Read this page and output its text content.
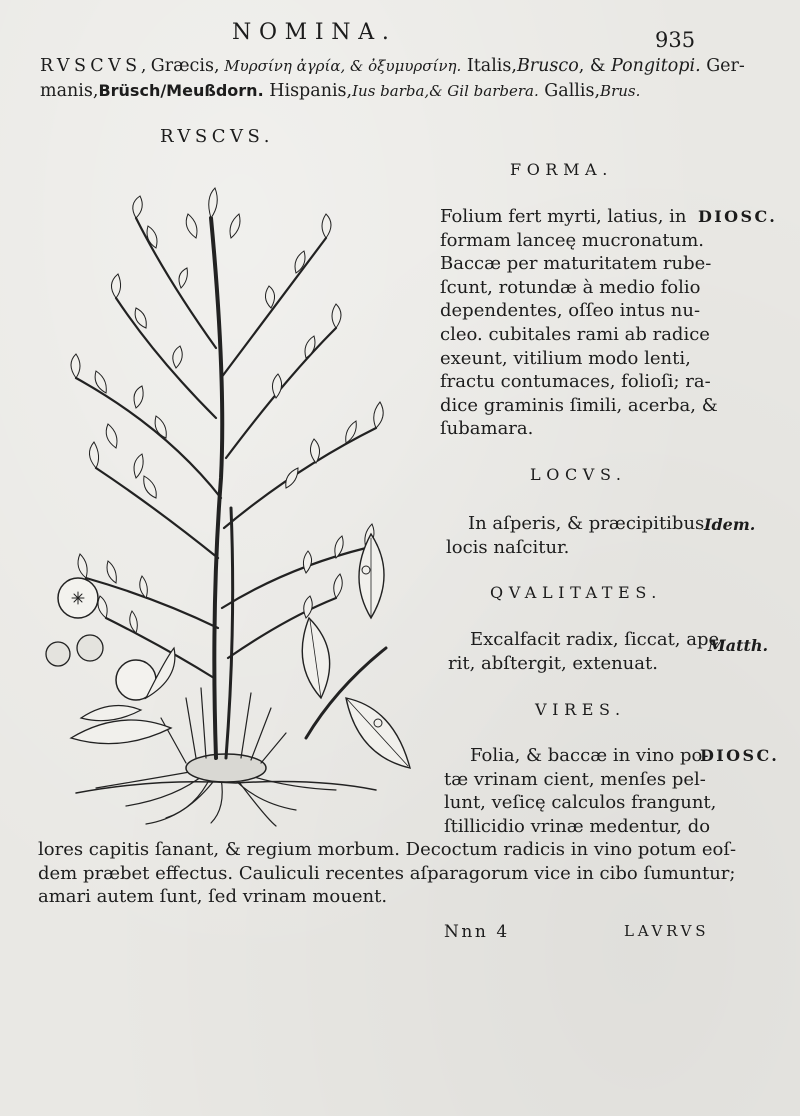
NOMINA.	935
RVSCVS,Græcis, Μυρσίνη ἀγρία, & ὀξυμυρσίνη. Italis,Brusco, & Pongitopi. Ger-
manis,Brüsch/Meußdorn. Hispanis,Ius barba,& Gil barbera. Gallis,Brus.
RVSCVS.
FORMA.
Folium fert myrti, latius, in
formam lanceę mucronatum.
Baccæ per maturitatem rube-
ſcunt, rotundæ à medio folio
dependentes, oſſeo intus nu-
cleo. cubitales rami ab radice
exeunt, vitilium modo lenti,
fractu contumaces, folioſi; ra-
dice graminis ſimili, acerba, &
ſubamara.
DIOSC.
LOCVS.
In aſperis, & præcipitibus
locis naſcitur.
Idem.
QVALITATES.
Excalfacit radix, ſiccat, ape-
rit, abſtergit, extenuat.
Matth.
VIRES.
Folia, & baccæ in vino po-
tæ vrinam cient, menſes pel-
lunt, veſicę calculos frangunt,
ſtillicidio vrinæ medentur, do
DIOSC.
lores capitis ſanant, & regium morbum. Decoctum radicis in vino potum eoſ-
dem præbet effectus. Cauliculi recentes aſparagorum vice in cibo ſumuntur;
amari autem ſunt, ſed vrinam mouent.
Nnn 4	LAVRVS
